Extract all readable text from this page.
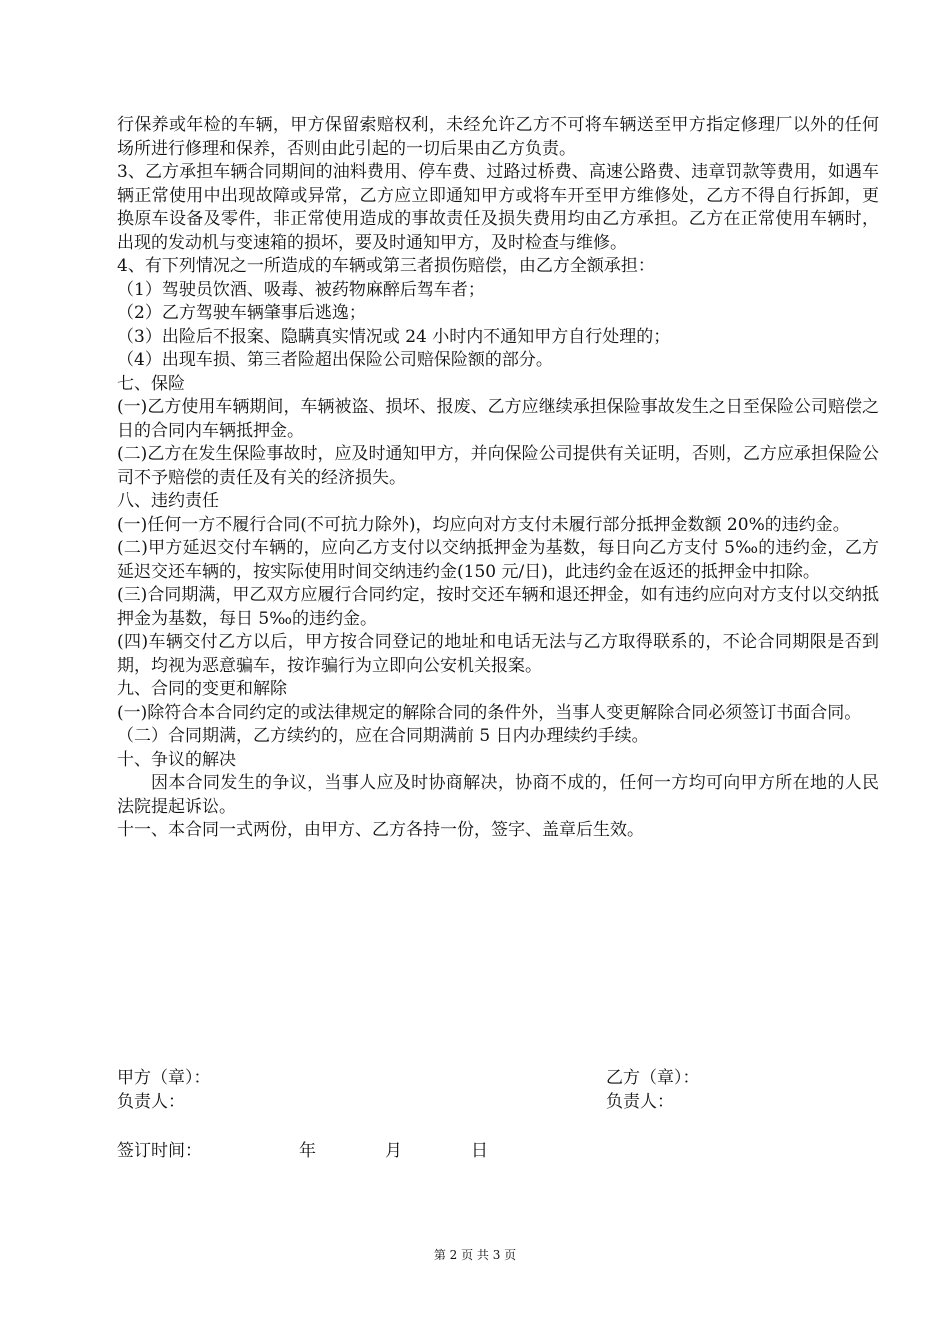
行保养或年检的车辆，甲方保留索赔权利，未经允许乙方不可将车辆送至甲方指定修理厂以外的任何场所进行修理和保养，否则由此引起的一切后果由乙方负责。

3、乙方承担车辆合同期间的油料费用、停车费、过路过桥费、高速公路费、违章罚款等费用，如遇车辆正常使用中出现故障或异常，乙方应立即通知甲方或将车开至甲方维修处，乙方不得自行拆卸，更换原车设备及零件，非正常使用造成的事故责任及损失费用均由乙方承担。乙方在正常使用车辆时，出现的发动机与变速箱的损坏，要及时通知甲方，及时检查与维修。

4、有下列情况之一所造成的车辆或第三者损伤赔偿，由乙方全额承担：

（1）驾驶员饮酒、吸毒、被药物麻醉后驾车者；

（2）乙方驾驶车辆肇事后逃逸；

（3）出险后不报案、隐瞒真实情况或 24 小时内不通知甲方自行处理的；

（4）出现车损、第三者险超出保险公司赔保险额的部分。

七、保险

(一)乙方使用车辆期间，车辆被盗、损坏、报废、乙方应继续承担保险事故发生之日至保险公司赔偿之日的合同内车辆抵押金。

(二)乙方在发生保险事故时，应及时通知甲方，并向保险公司提供有关证明，否则，乙方应承担保险公司不予赔偿的责任及有关的经济损失。

八、违约责任

(一)任何一方不履行合同(不可抗力除外)，均应向对方支付未履行部分抵押金数额 20%的违约金。

(二)甲方延迟交付车辆的，应向乙方支付以交纳抵押金为基数，每日向乙方支付 5‰的违约金，乙方延迟交还车辆的，按实际使用时间交纳违约金(150 元/日)，此违约金在返还的抵押金中扣除。

(三)合同期满，甲乙双方应履行合同约定，按时交还车辆和退还押金，如有违约应向对方支付以交纳抵押金为基数，每日 5‰的违约金。

(四)车辆交付乙方以后，甲方按合同登记的地址和电话无法与乙方取得联系的，不论合同期限是否到期，均视为恶意骗车，按诈骗行为立即向公安机关报案。

九、合同的变更和解除

(一)除符合本合同约定的或法律规定的解除合同的条件外，当事人变更解除合同必须签订书面合同。

（二）合同期满，乙方续约的，应在合同期满前 5 日内办理续约手续。

十、争议的解决

因本合同发生的争议，当事人应及时协商解决，协商不成的，任何一方均可向甲方所在地的人民法院提起诉讼。

十一、本合同一式两份，由甲方、乙方各持一份，签字、盖章后生效。

甲方（章）：
负责人：
乙方（章）：
负责人：
签订时间：	年	月	日
第 2 页 共 3 页
